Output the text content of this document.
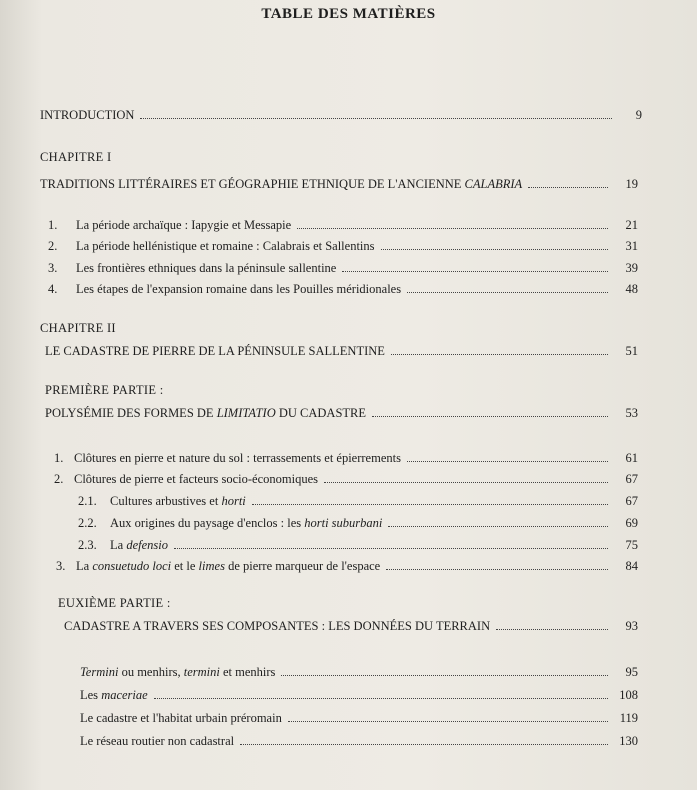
TABLE DES MATIÈRES
INTRODUCTION	9
CHAPITRE I
TRADITIONS LITTÉRAIRES ET GÉOGRAPHIE ETHNIQUE DE L'ANCIENNE CALABRIA	19
1.	La période archaïque : Iapygie et Messapie	21
2.	La période hellénistique et romaine : Calabrais et Sallentins	31
3.	Les frontières ethniques dans la péninsule sallentine	39
4.	Les étapes de l'expansion romaine dans les Pouilles méridionales	48
CHAPITRE II
LE CADASTRE DE PIERRE DE LA PÉNINSULE SALLENTINE	51
PREMIÈRE PARTIE :
POLYSÉMIE DES FORMES DE LIMITATIO DU CADASTRE	53
1. Clôtures en pierre et nature du sol : terrassements et épierrements	61
2. Clôtures de pierre et facteurs socio-économiques	67
2.1.	Cultures arbustives et horti	67
2.2.	Aux origines du paysage d'enclos : les horti suburbani	69
2.3.	La defensio	75
3. La consuetudo loci et le limes de pierre marqueur de l'espace	84
EUXIÈME PARTIE :
CADASTRE A TRAVERS SES COMPOSANTES : LES DONNÉES DU TERRAIN	93
Termini ou menhirs, termini et menhirs	95
Les maceriae	108
Le cadastre et l'habitat urbain préromain	119
Le réseau routier non cadastral	130
